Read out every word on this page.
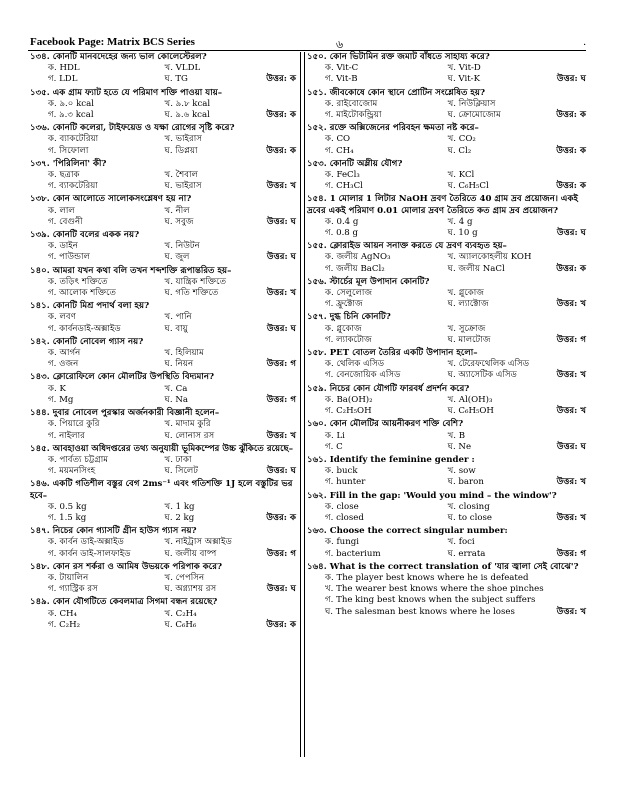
Facebook Page: Matrix BCS Series	৬	.
১৩৪. কোনটি মানবদেহের জন্য ভাল কোলেস্টেরল?
ক. HDL	খ. VLDL
গ. LDL	ঘ. TG	উত্তর: ক
১৩৫. এক গ্রাম ফ্যাট হতে যে পরিমাণ শক্তি পাওয়া যায়–
ক. ৯.০ kcal	খ. ৯.৮ kcal
গ. ৯.৩ kcal	ঘ. ৯.৬ kcal	উত্তর: ক
১৩৬. কোনটি কলেরা, টাইফয়েড ও যক্ষা রোগের সৃষ্টি করে?
ক. ব্যাকটেরিয়া	খ. ভাইরাস
গ. সিফোলা	ঘ. ডিপ্লয়া	উত্তর: ক
১৩৭. 'পিরিলিনা' কী?
ক. ছত্রাক	খ. শৈবাল
গ. ব্যাকটেরিয়া	ঘ. ভাইরাস	উত্তর: খ
১৩৮. কোন আলোতে সালোকসংশ্লেষণ হয় না?
ক. লাল	খ. নীল
গ. বেগুনী	ঘ. সবুজ	উত্তর: ঘ
১৩৯. কোনটি বলের একক নয়?
ক. ডাইন	খ. নিউটন
গ. পাউন্ডাল	ঘ. জুল	উত্তর: ঘ
১৪০. আমরা যখন কথা বলি তখন শব্দশক্তি রূপান্তরিত হয়–
ক. তড়িৎ শক্তিতে	খ. যান্ত্রিক শক্তিতে
গ. আলোক শক্তিতে	ঘ. গতি শক্তিতে	উত্তর: খ
১৪১. কোনটি মিশ্র পদার্থ বলা হয়?
ক. লবণ	খ. পানি
গ. কার্বনডাই-অক্সাইড	ঘ. বায়ু	উত্তর: ঘ
১৪২. কোনটি নোবেল গ্যাস নয়?
ক. আর্গন	খ. হিলিয়াম
গ. ওজন	ঘ. নিয়ন	উত্তর: গ
১৪৩. ক্লোরোফিলে কোন মৌলটির উপস্থিতি বিদ্যমান?
ক. K	খ. Ca
গ. Mg	ঘ. Na	উত্তর: গ
১৪৪. দুবার নোবেল পুরস্কার অর্জনকারী বিজ্ঞানী হলেন–
ক. পিয়ারে কুরি	খ. মাদাম কুরি
গ. নাইলার	ঘ. লোনাস রস	উত্তর: খ
১৪৫. আবহাওয়া অধিদপ্তরের তথ্য অনুযায়ী ভূমিকম্পের উচ্চ ঝুঁকিতে রয়েছে–
ক. পার্বত্য চট্টগ্রাম	খ. ঢাকা
গ. ময়মনসিংহ	ঘ. সিলেট	উত্তর: ঘ
১৪৬. একটি গতিশীল বস্তুর বেগ 2ms⁻¹ এবং গতিশক্তি 1J হলে বস্তুটির ভর হবে–
ক. 0.5 kg	খ. 1 kg
গ. 1.5 kg	ঘ. 2 kg	উত্তর: ক
১৪৭. নিচের কোন গ্যাসটি গ্রীন হাউস গ্যাস নয়?
ক. কার্বন ডাই-অক্সাইড	খ. নাইট্রাস অক্সাইড
গ. কার্বন ডাই-সালফাইড	ঘ. জলীয় বাষ্প	উত্তর: গ
১৪৮. কোন রস শর্করা ও আমিষ উভয়কে পরিপাক করে?
ক. টায়ালিন	খ. পেপসিন
গ. গ্যাস্ট্রিক রস	ঘ. অগ্ন্যাশয় রস	উত্তর: ঘ
১৪৯. কোন যৌগটিতে কেবলমাত্র সিগমা বন্ধন রয়েছে?
ক. CH₄	খ. C₂H₄
গ. C₂H₂	ঘ. C₆H₆	উত্তর: ক
১৫০. কোন ভিটামিন রক্ত জমাট বাঁধতে সাহায্য করে?
ক. Vit-C	খ. Vit-D
গ. Vit-B	ঘ. Vit-K	উত্তর: ঘ
১৫১. জীবকোষে কোন স্থানে প্রোটিন সংশ্লেষিত হয়?
ক. রাইবোজোম	খ. নিউক্লিয়াস
গ. মাইটোকন্ড্রিয়া	ঘ. ক্রোমোজোম	উত্তর: ক
১৫২. রক্তে অক্সিজেনের পরিবহন ক্ষমতা নষ্ট করে–
ক. CO	খ. CO₂
গ. CH₄	ঘ. Cl₂	উত্তর: ক
১৫৩. কোনটি অম্লীয় যৌগ?
ক. FeCl₃	খ. KCl
গ. CH₃Cl	ঘ. C₆H₅Cl	উত্তর: ক
১৫৪. 1 মোলার 1 লিটার NaOH দ্রবণ তৈরিতে 40 গ্রাম দ্রব প্রয়োজন। একই দ্রবের একই পরিমাণ 0.01 মোলার দ্রবণ তৈরিতে কত গ্রাম দ্রব প্রয়োজন?
ক. 0.4 g	খ. 4 g
গ. 0.8 g	ঘ. 10 g	উত্তর: ঘ
১৫৫. ক্লোরাইড আয়ন সনাক্ত করতে যে দ্রবণ ব্যবহৃত হয়–
ক. জলীয় AgNO₃	খ. অ্যালকোহলীয় KOH
গ. জলীয় BaCl₂	ঘ. জলীয় NaCl	উত্তর: ক
১৫৬. স্টার্চের মূল উপাদান কোনটি?
ক. সেলুলোজ	খ. গ্লুকোজ
গ. ফ্রুক্টোজ	ঘ. ল্যাক্টোজ	উত্তর: খ
১৫৭. দুগ্ধ চিনি কোনটি?
ক. গ্লুকোজ	খ. সুক্রোজ
গ. ল্যাকটোজ	ঘ. মালটোজ	উত্তর: গ
১৫৮. PET বোতল তৈরির একটি উপাদান হলো–
ক. থেলিক এসিড	খ. টেরেফথেলিক এসিড
গ. বেনজোয়িক এসিড	ঘ. অ্যাসেটিক এসিড	উত্তর: খ
১৫৯. নিচের কোন যৌগটি ফারবর্ধ প্রদর্শন করে?
ক. Ba(OH)₂	খ. Al(OH)₃
গ. C₂H₅OH	ঘ. C₆H₅OH	উত্তর: খ
১৬০. কোন মৌলটির আয়নীকরণ শক্তি বেশি?
ক. Li	খ. B
গ. C	ঘ. Ne	উত্তর: ঘ
১৬১. Identify the feminine gender :
ক. buck	খ. sow
গ. hunter	ঘ. baron	উত্তর: খ
১৬২. Fill in the gap: 'Would you mind – the window'?
ক. close	খ. closing
গ. closed	ঘ. to close	উত্তর: খ
১৬৩. Choose the correct singular number:
ক. fungi	খ. foci
গ. bacterium	ঘ. errata	উত্তর: গ
১৬৪. What is the correct translation of 'যার জ্বালা সেই বোঝে'?
ক. The player best knows where he is defeated
খ. The wearer best knows where the shoe pinches
গ. The king best knows when the subject suffers
ঘ. The salesman best knows where he loses	উত্তর: খ
